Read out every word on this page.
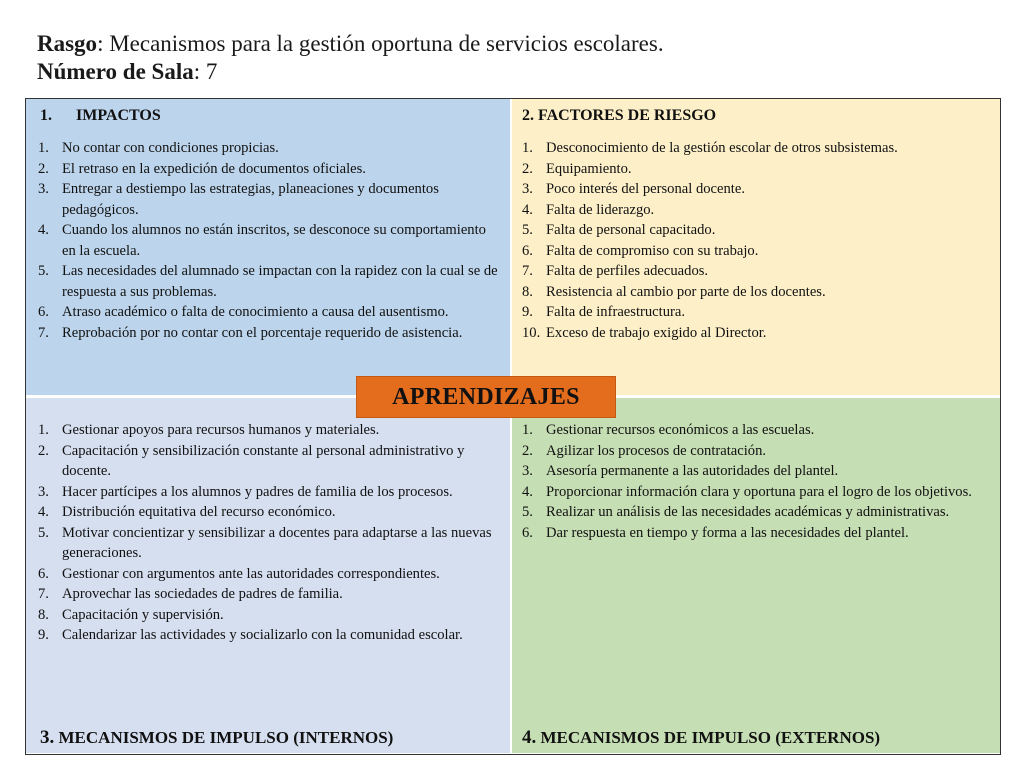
Rasgo: Mecanismos para la gestión oportuna de servicios escolares.
Número de Sala: 7
1. IMPACTOS
1. No contar con condiciones propicias.
2. El retraso en la expedición de documentos oficiales.
3. Entregar a destiempo las estrategias, planeaciones y documentos pedagógicos.
4. Cuando los alumnos no están inscritos, se desconoce su comportamiento en la escuela.
5. Las necesidades del alumnado se impactan con la rapidez con la cual se de respuesta a sus problemas.
6. Atraso académico o falta de conocimiento a causa del ausentismo.
7. Reprobación por no contar con el porcentaje requerido de asistencia.
2. FACTORES DE RIESGO
1. Desconocimiento de la gestión escolar de otros subsistemas.
2. Equipamiento.
3. Poco interés del personal docente.
4. Falta de liderazgo.
5. Falta de personal capacitado.
6. Falta de compromiso con su trabajo.
7. Falta de perfiles adecuados.
8. Resistencia al cambio por parte de los docentes.
9. Falta de infraestructura.
10. Exceso de trabajo exigido al Director.
1. Gestionar apoyos para recursos humanos y materiales.
2. Capacitación y sensibilización constante al personal administrativo y docente.
3. Hacer partícipes a los alumnos y padres de familia de los procesos.
4. Distribución equitativa del recurso económico.
5. Motivar concientizar y sensibilizar a docentes para adaptarse a las nuevas generaciones.
6. Gestionar con argumentos ante las autoridades correspondientes.
7. Aprovechar las sociedades de padres de familia.
8. Capacitación y supervisión.
9. Calendarizar las actividades y socializarlo con la comunidad escolar.
3. MECANISMOS DE IMPULSO (INTERNOS)
1. Gestionar recursos económicos a las escuelas.
2. Agilizar los procesos de contratación.
3. Asesoría permanente a las autoridades del plantel.
4. Proporcionar información clara y oportuna para el logro de los objetivos.
5. Realizar un análisis de las necesidades académicas y administrativas.
6. Dar respuesta en tiempo y forma a las necesidades del plantel.
4. MECANISMOS DE IMPULSO (EXTERNOS)
APRENDIZAJES
